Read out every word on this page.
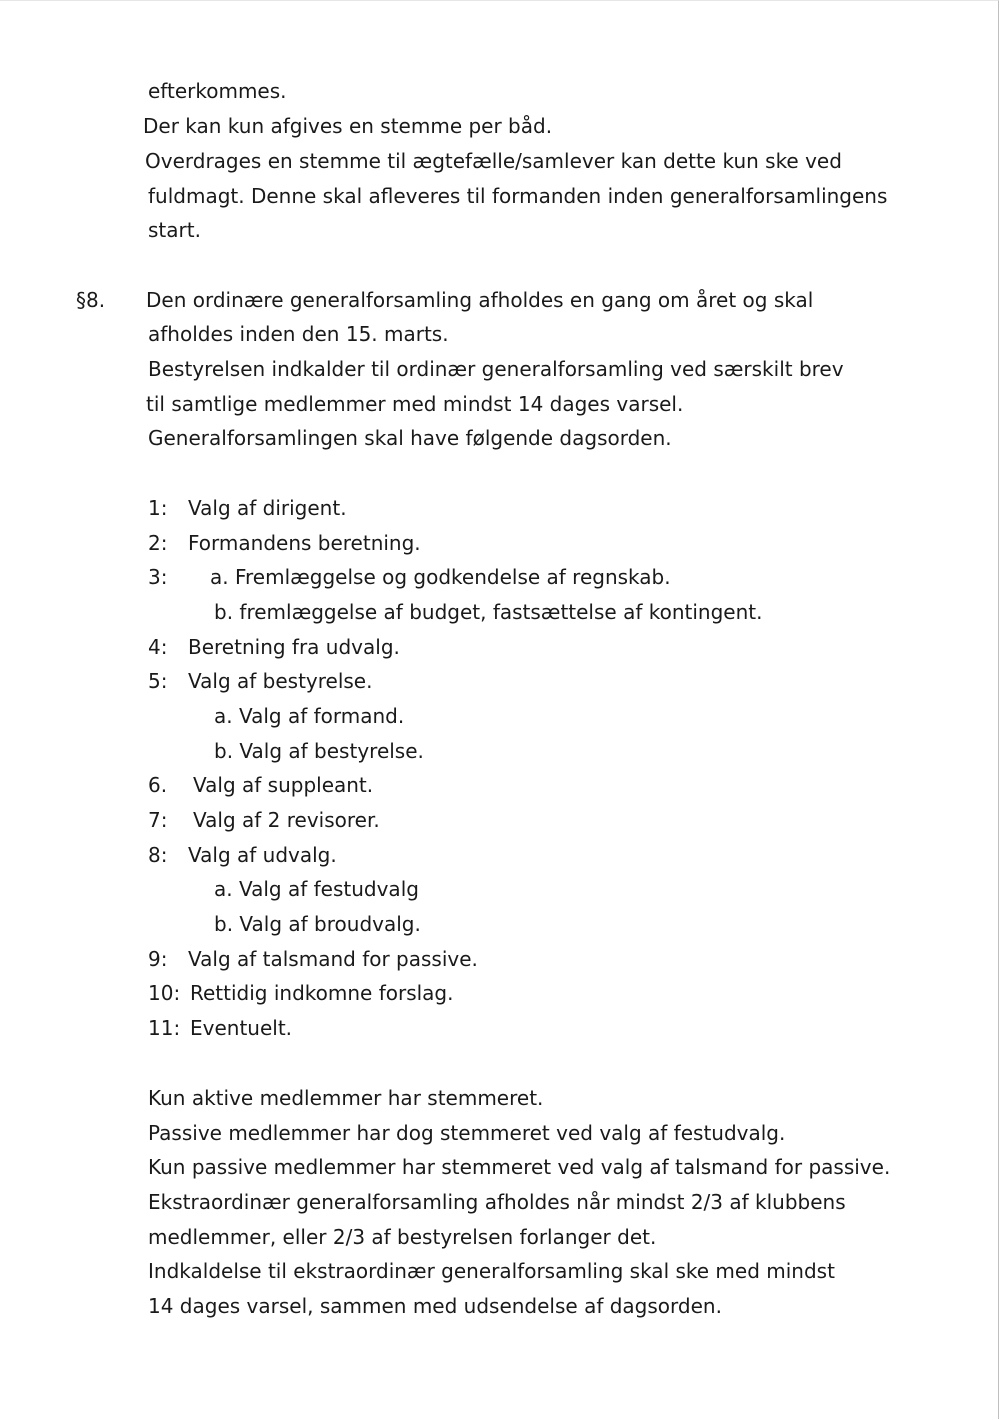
efterkommes.
Der kan kun afgives en stemme per båd.
Overdrages en stemme til ægtefælle/samlever kan dette kun ske ved
fuldmagt. Denne skal afleveres til formanden inden generalforsamlingens
start.
§8. Den ordinære generalforsamling afholdes en gang om året og skal
afholdes inden den 15. marts.
Bestyrelsen indkalder til ordinær generalforsamling ved særskilt brev
til samtlige medlemmer med mindst 14 dages varsel.
Generalforsamlingen skal have følgende dagsorden.
1: Valg af dirigent.
2: Formandens beretning.
3: a. Fremlæggelse og godkendelse af regnskab.
b. fremlæggelse af budget, fastsættelse af kontingent.
4: Beretning fra udvalg.
5: Valg af bestyrelse.
a. Valg af formand.
b. Valg af bestyrelse.
6. Valg af suppleant.
7: Valg af 2 revisorer.
8: Valg af udvalg.
a. Valg af festudvalg
b. Valg af broudvalg.
9: Valg af talsmand for passive.
10: Rettidig indkomne forslag.
11: Eventuelt.
Kun aktive medlemmer har stemmeret.
Passive medlemmer har dog stemmeret ved valg af festudvalg.
Kun passive medlemmer har stemmeret ved valg af talsmand for passive.
Ekstraordinær generalforsamling afholdes når mindst 2/3 af klubbens
medlemmer, eller 2/3 af bestyrelsen forlanger det.
Indkaldelse til ekstraordinær generalforsamling skal ske med mindst
14 dages varsel, sammen med udsendelse af dagsorden.
